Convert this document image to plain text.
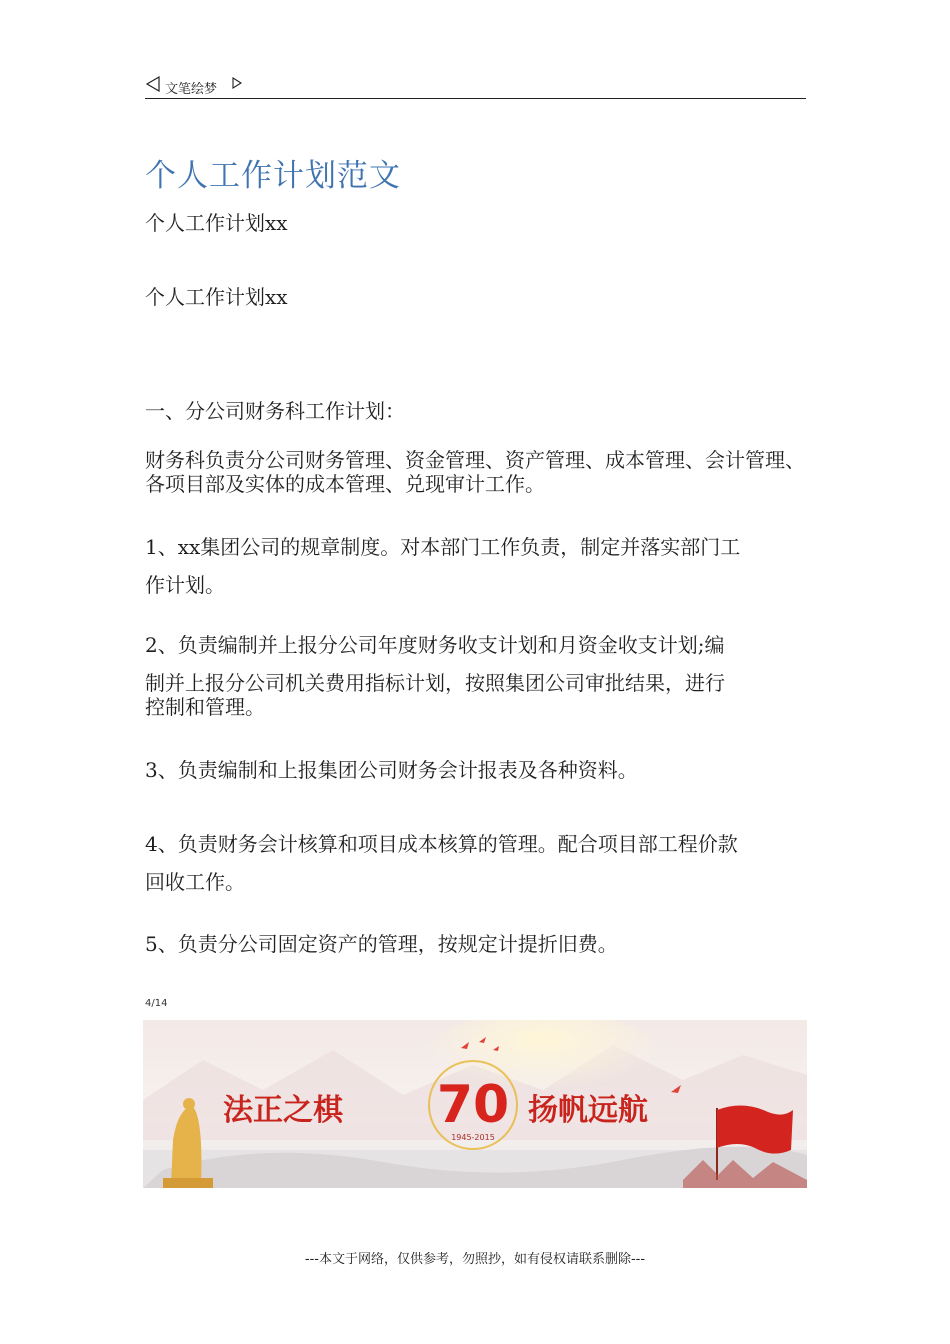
文笔绘梦
个人工作计划范文
个人工作计划xx
个人工作计划xx
一、分公司财务科工作计划：
财务科负责分公司财务管理、资金管理、资产管理、成本管理、会计管理、各项目部及实体的成本管理、兑现审计工作。
1、xx集团公司的规章制度。对本部门工作负责，制定并落实部门工
作计划。
2、负责编制并上报分公司年度财务收支计划和月资金收支计划;编
制并上报分公司机关费用指标计划，按照集团公司审批结果，进行
控制和管理。
3、负责编制和上报集团公司财务会计报表及各种资料。
4、负责财务会计核算和项目成本核算的管理。配合项目部工程价款
回收工作。
5、负责分公司固定资产的管理，按规定计提折旧费。
4/14
法正之棋 70
1945-2015
扬帆远航
---本文于网络，仅供参考，勿照抄，如有侵权请联系删除---
